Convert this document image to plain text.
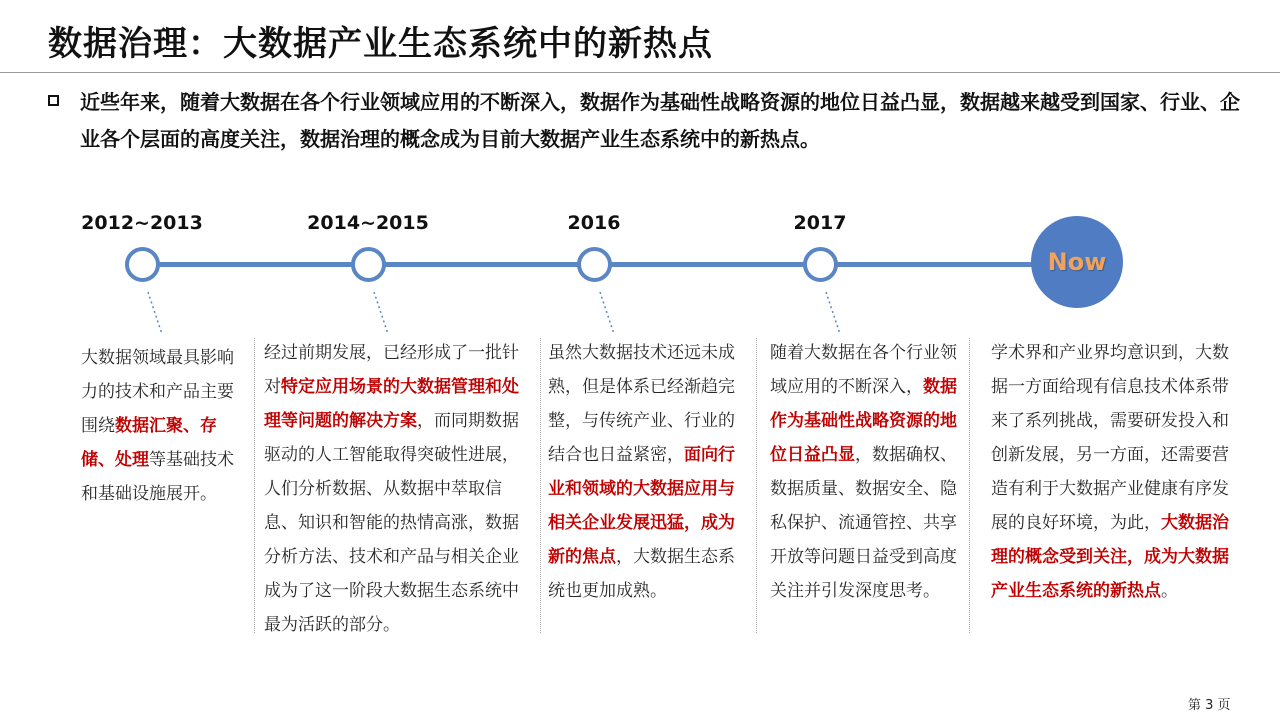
数据治理：大数据产业生态系统中的新热点
近些年来，随着大数据在各个行业领域应用的不断深入，数据作为基础性战略资源的地位日益凸显，数据越来越受到国家、行业、企业各个层面的高度关注，数据治理的概念成为目前大数据产业生态系统中的新热点。
2012~2013	2014~2015	2016	2017
Now
大数据领域最具影响力的技术和产品主要围绕数据汇聚、存储、处理等基础技术和基础设施展开。
经过前期发展，已经形成了一批针对特定应用场景的大数据管理和处理等问题的解决方案，而同期数据驱动的人工智能取得突破性进展，人们分析数据、从数据中萃取信息、知识和智能的热情高涨，数据分析方法、技术和产品与相关企业成为了这一阶段大数据生态系统中最为活跃的部分。
虽然大数据技术还远未成熟，但是体系已经渐趋完整，与传统产业、行业的结合也日益紧密，面向行业和领域的大数据应用与相关企业发展迅猛，成为新的焦点，大数据生态系统也更加成熟。
随着大数据在各个行业领域应用的不断深入，数据作为基础性战略资源的地位日益凸显，数据确权、数据质量、数据安全、隐私保护、流通管控、共享开放等问题日益受到高度关注并引发深度思考。
学术界和产业界均意识到，大数据一方面给现有信息技术体系带来了系列挑战，需要研发投入和创新发展，另一方面，还需要营造有利于大数据产业健康有序发展的良好环境，为此，大数据治理的概念受到关注，成为大数据产业生态系统的新热点。
第 3 页
